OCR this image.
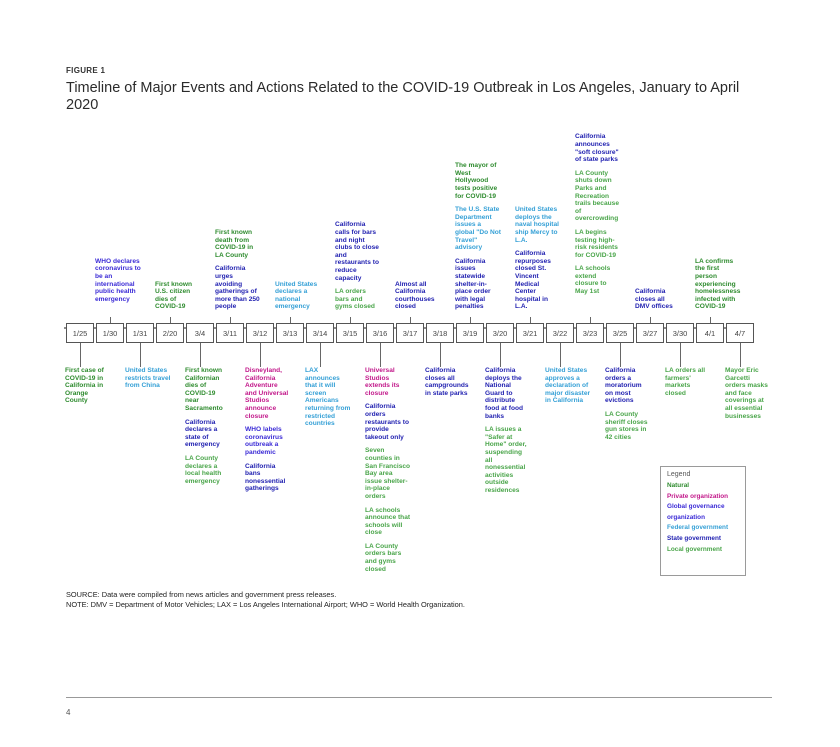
FIGURE 1
Timeline of Major Events and Actions Related to the COVID-19 Outbreak in Los Angeles, January to April 2020
1/25	1/30	1/31	2/20	3/4	3/11	3/12	3/13	3/14	3/15	3/16	3/17	3/18	3/19	3/20	3/21	3/22	3/23	3/25	3/27	3/30	4/1	4/7
WHO declares coronavirus to be an international public health emergency
First known U.S. citizen dies of COVID-19
First known death from COVID-19 in LA County
California urges avoiding gatherings of more than 250 people
United States declares a national emergency
California calls for bars and night clubs to close and restaurants to reduce capacity
LA orders bars and gyms closed
Almost all California courthouses closed
The mayor of West Hollywood tests positive for COVID-19
The U.S. State Department issues a global "Do Not Travel" advisory
California issues statewide shelter-in-place order with legal penalties
United States deploys the naval hospital ship Mercy to L.A.
California repurposes closed St. Vincent Medical Center hospital in L.A.
California announces "soft closure" of state parks
LA County shuts down Parks and Recreation trails because of overcrowding
LA begins testing high-risk residents for COVID-19
LA schools extend closure to May 1st	California closes all DMV offices
LA confirms the first person experiencing homelessness infected with COVID-19
First case of COVID-19 in California in Orange County
United States restricts travel from China
First known Californian dies of COVID-19 near Sacramento
California declares a state of emergency
LA County declares a local health emergency
Disneyland, California Adventure and Universal Studios announce closure
WHO labels coronavirus outbreak a pandemic
California bans nonessential gatherings
LAX announces that it will screen Americans returning from restricted countries
Universal Studios extends its closure
California orders restaurants to provide takeout only
Seven counties in San Francisco Bay area issue shelter-in-place orders
LA schools announce that schools will close
LA County orders bars and gyms closed
California closes all campgrounds in state parks
California deploys the National Guard to distribute food at food banks
LA issues a "Safer at Home" order, suspending all nonessential activities outside residences
United States approves a declaration of major disaster in California
California orders a moratorium on most evictions
LA County sheriff closes gun stores in 42 cities
LA orders all farmers' markets closed
Mayor Eric Garcetti orders masks and face coverings at all essential businesses
Legend
Natural
Private organization
Global governance organization
Federal government
State government
Local government
SOURCE: Data were compiled from news articles and government press releases.
NOTE: DMV = Department of Motor Vehicles; LAX = Los Angeles International Airport; WHO = World Health Organization.
4
